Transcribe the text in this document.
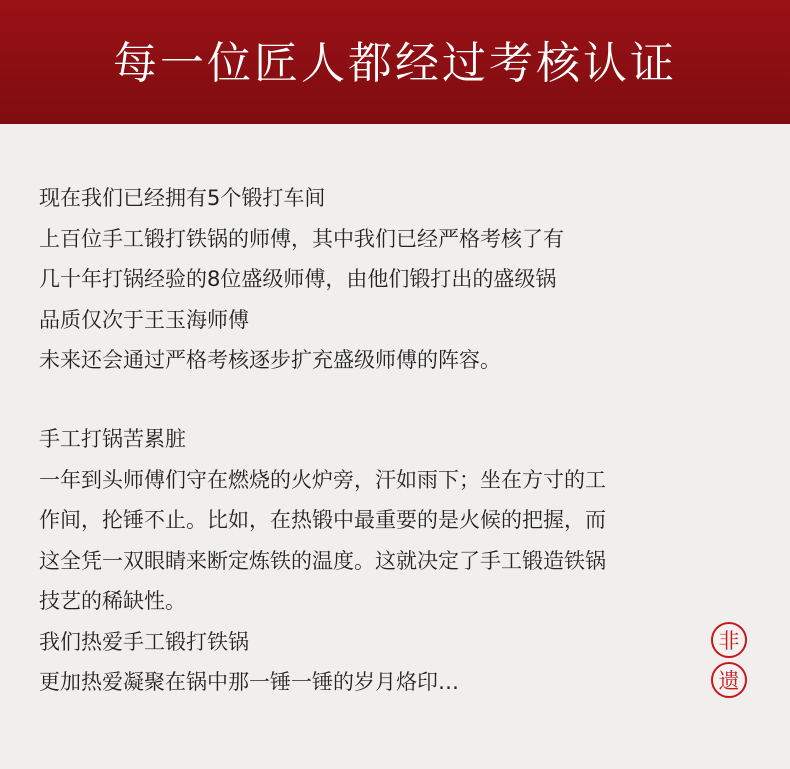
每一位匠人都经过考核认证
现在我们已经拥有5个锻打车间
上百位手工锻打铁锅的师傅，其中我们已经严格考核了有
几十年打锅经验的8位盛级师傅，由他们锻打出的盛级锅
品质仅次于王玉海师傅
未来还会通过严格考核逐步扩充盛级师傅的阵容。
手工打锅苦累脏
一年到头师傅们守在燃烧的火炉旁，汗如雨下；坐在方寸的工
作间，抡锤不止。比如，在热锻中最重要的是火候的把握，而
这全凭一双眼睛来断定炼铁的温度。这就决定了手工锻造铁锅
技艺的稀缺性。
我们热爱手工锻打铁锅
更加热爱凝聚在锅中那一锤一锤的岁月烙印…
非
遗
